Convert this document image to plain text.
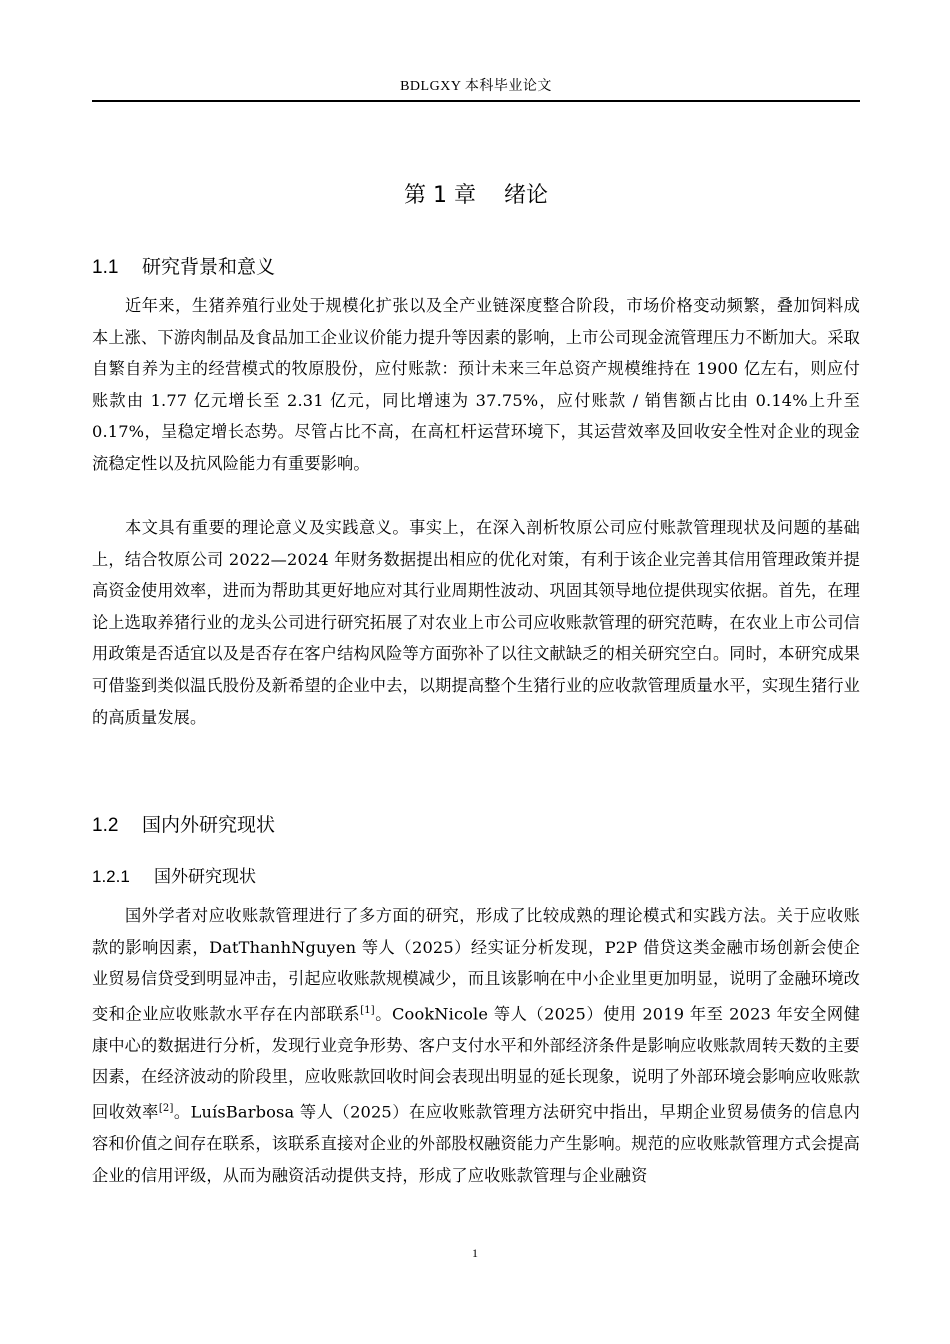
BDLGXY 本科毕业论文
第 1 章 绪论
1.1 研究背景和意义

近年来，生猪养殖行业处于规模化扩张以及全产业链深度整合阶段，市场价格变动频繁，叠加饲料成本上涨、下游肉制品及食品加工企业议价能力提升等因素的影响，上市公司现金流管理压力不断加大。采取自繁自养为主的经营模式的牧原股份，应付账款：预计未来三年总资产规模维持在 1900 亿左右，则应付账款由 1.77 亿元增长至 2.31 亿元，同比增速为 37.75%，应付账款 / 销售额占比由 0.14%上升至 0.17%，呈稳定增长态势。尽管占比不高，在高杠杆运营环境下，其运营效率及回收安全性对企业的现金流稳定性以及抗风险能力有重要影响。

本文具有重要的理论意义及实践意义。事实上，在深入剖析牧原公司应付账款管理现状及问题的基础上，结合牧原公司 2022—2024 年财务数据提出相应的优化对策，有利于该企业完善其信用管理政策并提高资金使用效率，进而为帮助其更好地应对其行业周期性波动、巩固其领导地位提供现实依据。首先，在理论上选取养猪行业的龙头公司进行研究拓展了对农业上市公司应收账款管理的研究范畴，在农业上市公司信用政策是否适宜以及是否存在客户结构风险等方面弥补了以往文献缺乏的相关研究空白。同时，本研究成果可借鉴到类似温氏股份及新希望的企业中去，以期提高整个生猪行业的应收款管理质量水平，实现生猪行业的高质量发展。

1.2 国内外研究现状
1.2.1 国外研究现状

国外学者对应收账款管理进行了多方面的研究，形成了比较成熟的理论模式和实践方法。关于应收账款的影响因素，DatThanhNguyen 等人（2025）经实证分析发现，P2P 借贷这类金融市场创新会使企业贸易信贷受到明显冲击，引起应收账款规模减少，而且该影响在中小企业里更加明显，说明了金融环境改变和企业应收账款水平存在内部联系[1]。CookNicole 等人（2025）使用 2019 年至 2023 年安全网健康中心的数据进行分析，发现行业竞争形势、客户支付水平和外部经济条件是影响应收账款周转天数的主要因素，在经济波动的阶段里，应收账款回收时间会表现出明显的延长现象，说明了外部环境会影响应收账款回收效率[2]。LuísBarbosa 等人（2025）在应收账款管理方法研究中指出，早期企业贸易债务的信息内容和价值之间存在联系，该联系直接对企业的外部股权融资能力产生影响。规范的应收账款管理方式会提高企业的信用评级，从而为融资活动提供支持，形成了应收账款管理与企业融资

1
